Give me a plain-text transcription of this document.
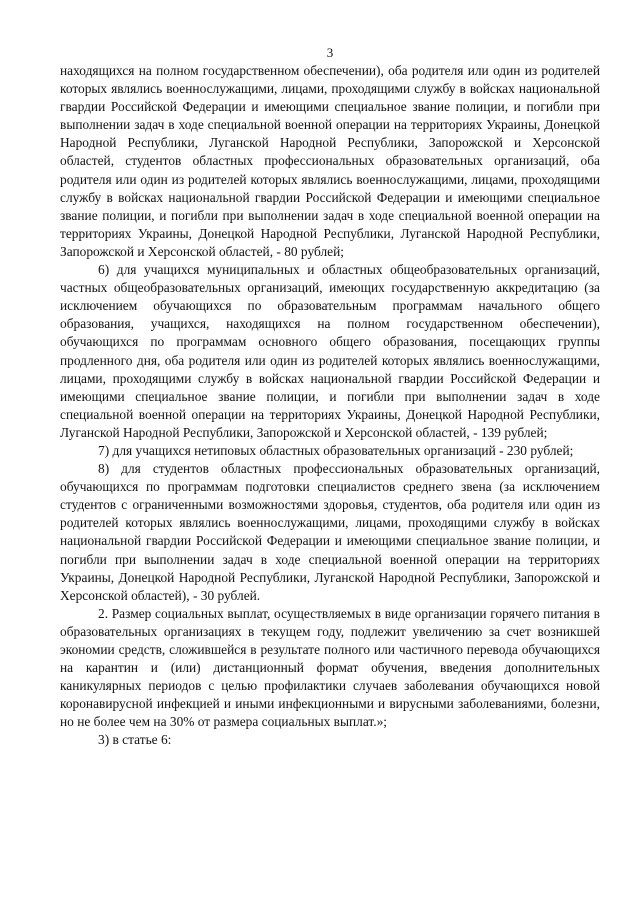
3

находящихся на полном государственном обеспечении), оба родителя или один из родителей которых являлись военнослужащими, лицами, проходящими службу в войсках национальной гвардии Российской Федерации и имеющими специальное звание полиции, и погибли при выполнении задач в ходе специальной военной операции на территориях Украины, Донецкой Народной Республики, Луганской Народной Республики, Запорожской и Херсонской областей, студентов областных профессиональных образовательных организаций, оба родителя или один из родителей которых являлись военнослужащими, лицами, проходящими службу в войсках национальной гвардии Российской Федерации и имеющими специальное звание полиции, и погибли при выполнении задач в ходе специальной военной операции на территориях Украины, Донецкой Народной Республики, Луганской Народной Республики, Запорожской и Херсонской областей, - 80 рублей;

6) для учащихся муниципальных и областных общеобразовательных организаций, частных общеобразовательных организаций, имеющих государственную аккредитацию (за исключением обучающихся по образовательным программам начального общего образования, учащихся, находящихся на полном государственном обеспечении), обучающихся по программам основного общего образования, посещающих группы продленного дня, оба родителя или один из родителей которых являлись военнослужащими, лицами, проходящими службу в войсках национальной гвардии Российской Федерации и имеющими специальное звание полиции, и погибли при выполнении задач в ходе специальной военной операции на территориях Украины, Донецкой Народной Республики, Луганской Народной Республики, Запорожской и Херсонской областей, - 139 рублей;

7) для учащихся нетиповых областных образовательных организаций - 230 рублей;

8) для студентов областных профессиональных образовательных организаций, обучающихся по программам подготовки специалистов среднего звена (за исключением студентов с ограниченными возможностями здоровья, студентов, оба родителя или один из родителей которых являлись военнослужащими, лицами, проходящими службу в войсках национальной гвардии Российской Федерации и имеющими специальное звание полиции, и погибли при выполнении задач в ходе специальной военной операции на территориях Украины, Донецкой Народной Республики, Луганской Народной Республики, Запорожской и Херсонской областей), - 30 рублей.

2. Размер социальных выплат, осуществляемых в виде организации горячего питания в образовательных организациях в текущем году, подлежит увеличению за счет возникшей экономии средств, сложившейся в результате полного или частичного перевода обучающихся на карантин и (или) дистанционный формат обучения, введения дополнительных каникулярных периодов с целью профилактики случаев заболевания обучающихся новой коронавирусной инфекцией и иными инфекционными и вирусными заболеваниями, болезни, но не более чем на 30% от размера социальных выплат.»;

3) в статье 6:
